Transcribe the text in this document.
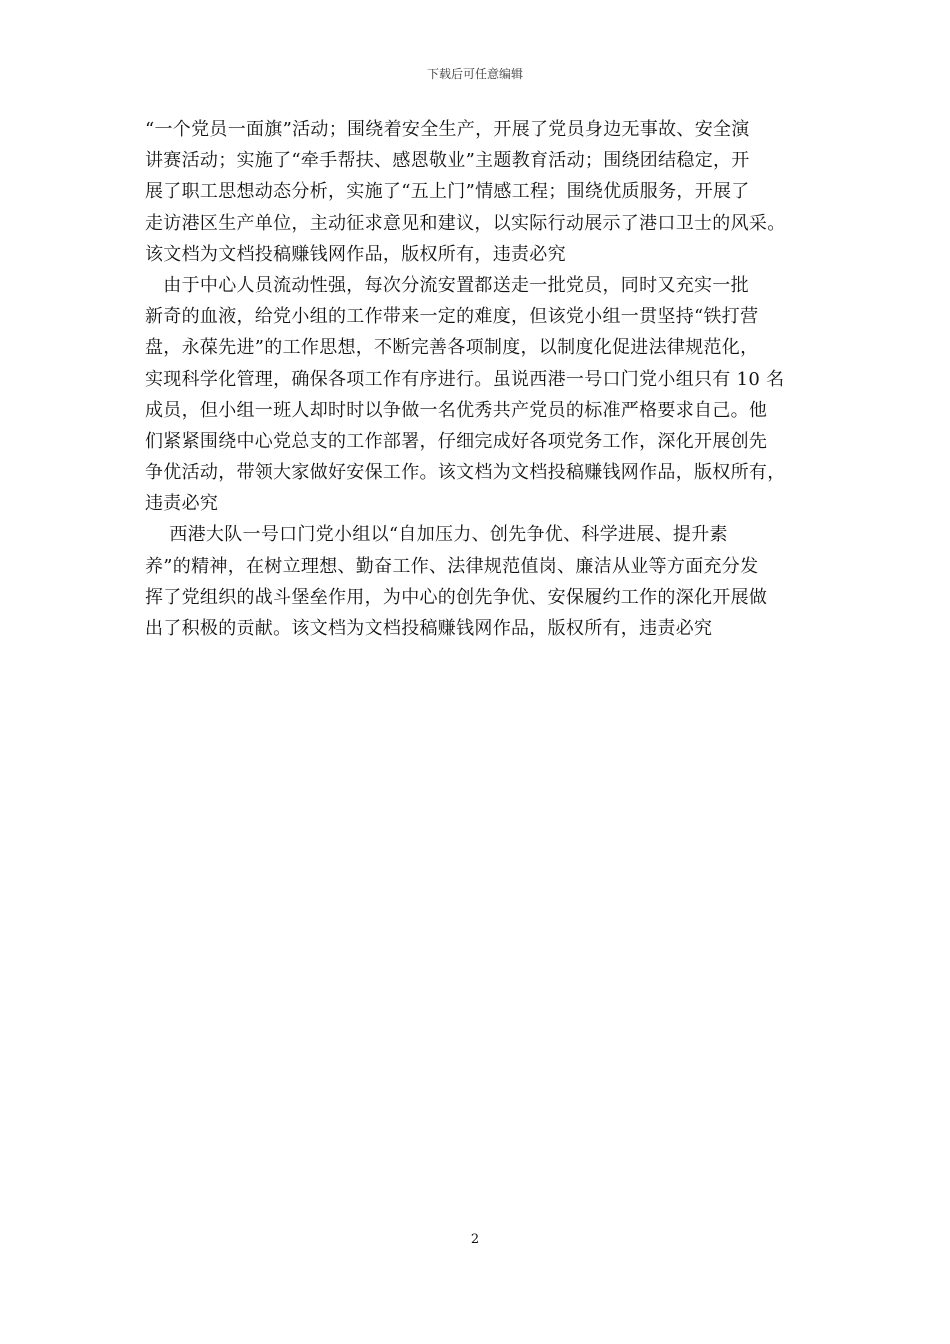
下载后可任意编辑
“一个党员一面旗”活动；围绕着安全生产，开展了党员身边无事故、安全演
讲赛活动；实施了“牵手帮扶、感恩敬业”主题教育活动；围绕团结稳定，开
展了职工思想动态分析，实施了“五上门”情感工程；围绕优质服务，开展了
走访港区生产单位，主动征求意见和建议，以实际行动展示了港口卫士的风采。
该文档为文档投稿赚钱网作品，版权所有，违责必究
　由于中心人员流动性强，每次分流安置都送走一批党员，同时又充实一批
新奇的血液，给党小组的工作带来一定的难度，但该党小组一贯坚持“铁打营
盘，永葆先进”的工作思想，不断完善各项制度，以制度化促进法律规范化，
实现科学化管理，确保各项工作有序进行。虽说西港一号口门党小组只有 10 名
成员，但小组一班人却时时以争做一名优秀共产党员的标准严格要求自己。他
们紧紧围绕中心党总支的工作部署，仔细完成好各项党务工作，深化开展创先
争优活动，带领大家做好安保工作。该文档为文档投稿赚钱网作品，版权所有，
违责必究
　 西港大队一号口门党小组以“自加压力、创先争优、科学进展、提升素
养”的精神，在树立理想、勤奋工作、法律规范值岗、廉洁从业等方面充分发
挥了党组织的战斗堡垒作用，为中心的创先争优、安保履约工作的深化开展做
出了积极的贡献。该文档为文档投稿赚钱网作品，版权所有，违责必究
2
